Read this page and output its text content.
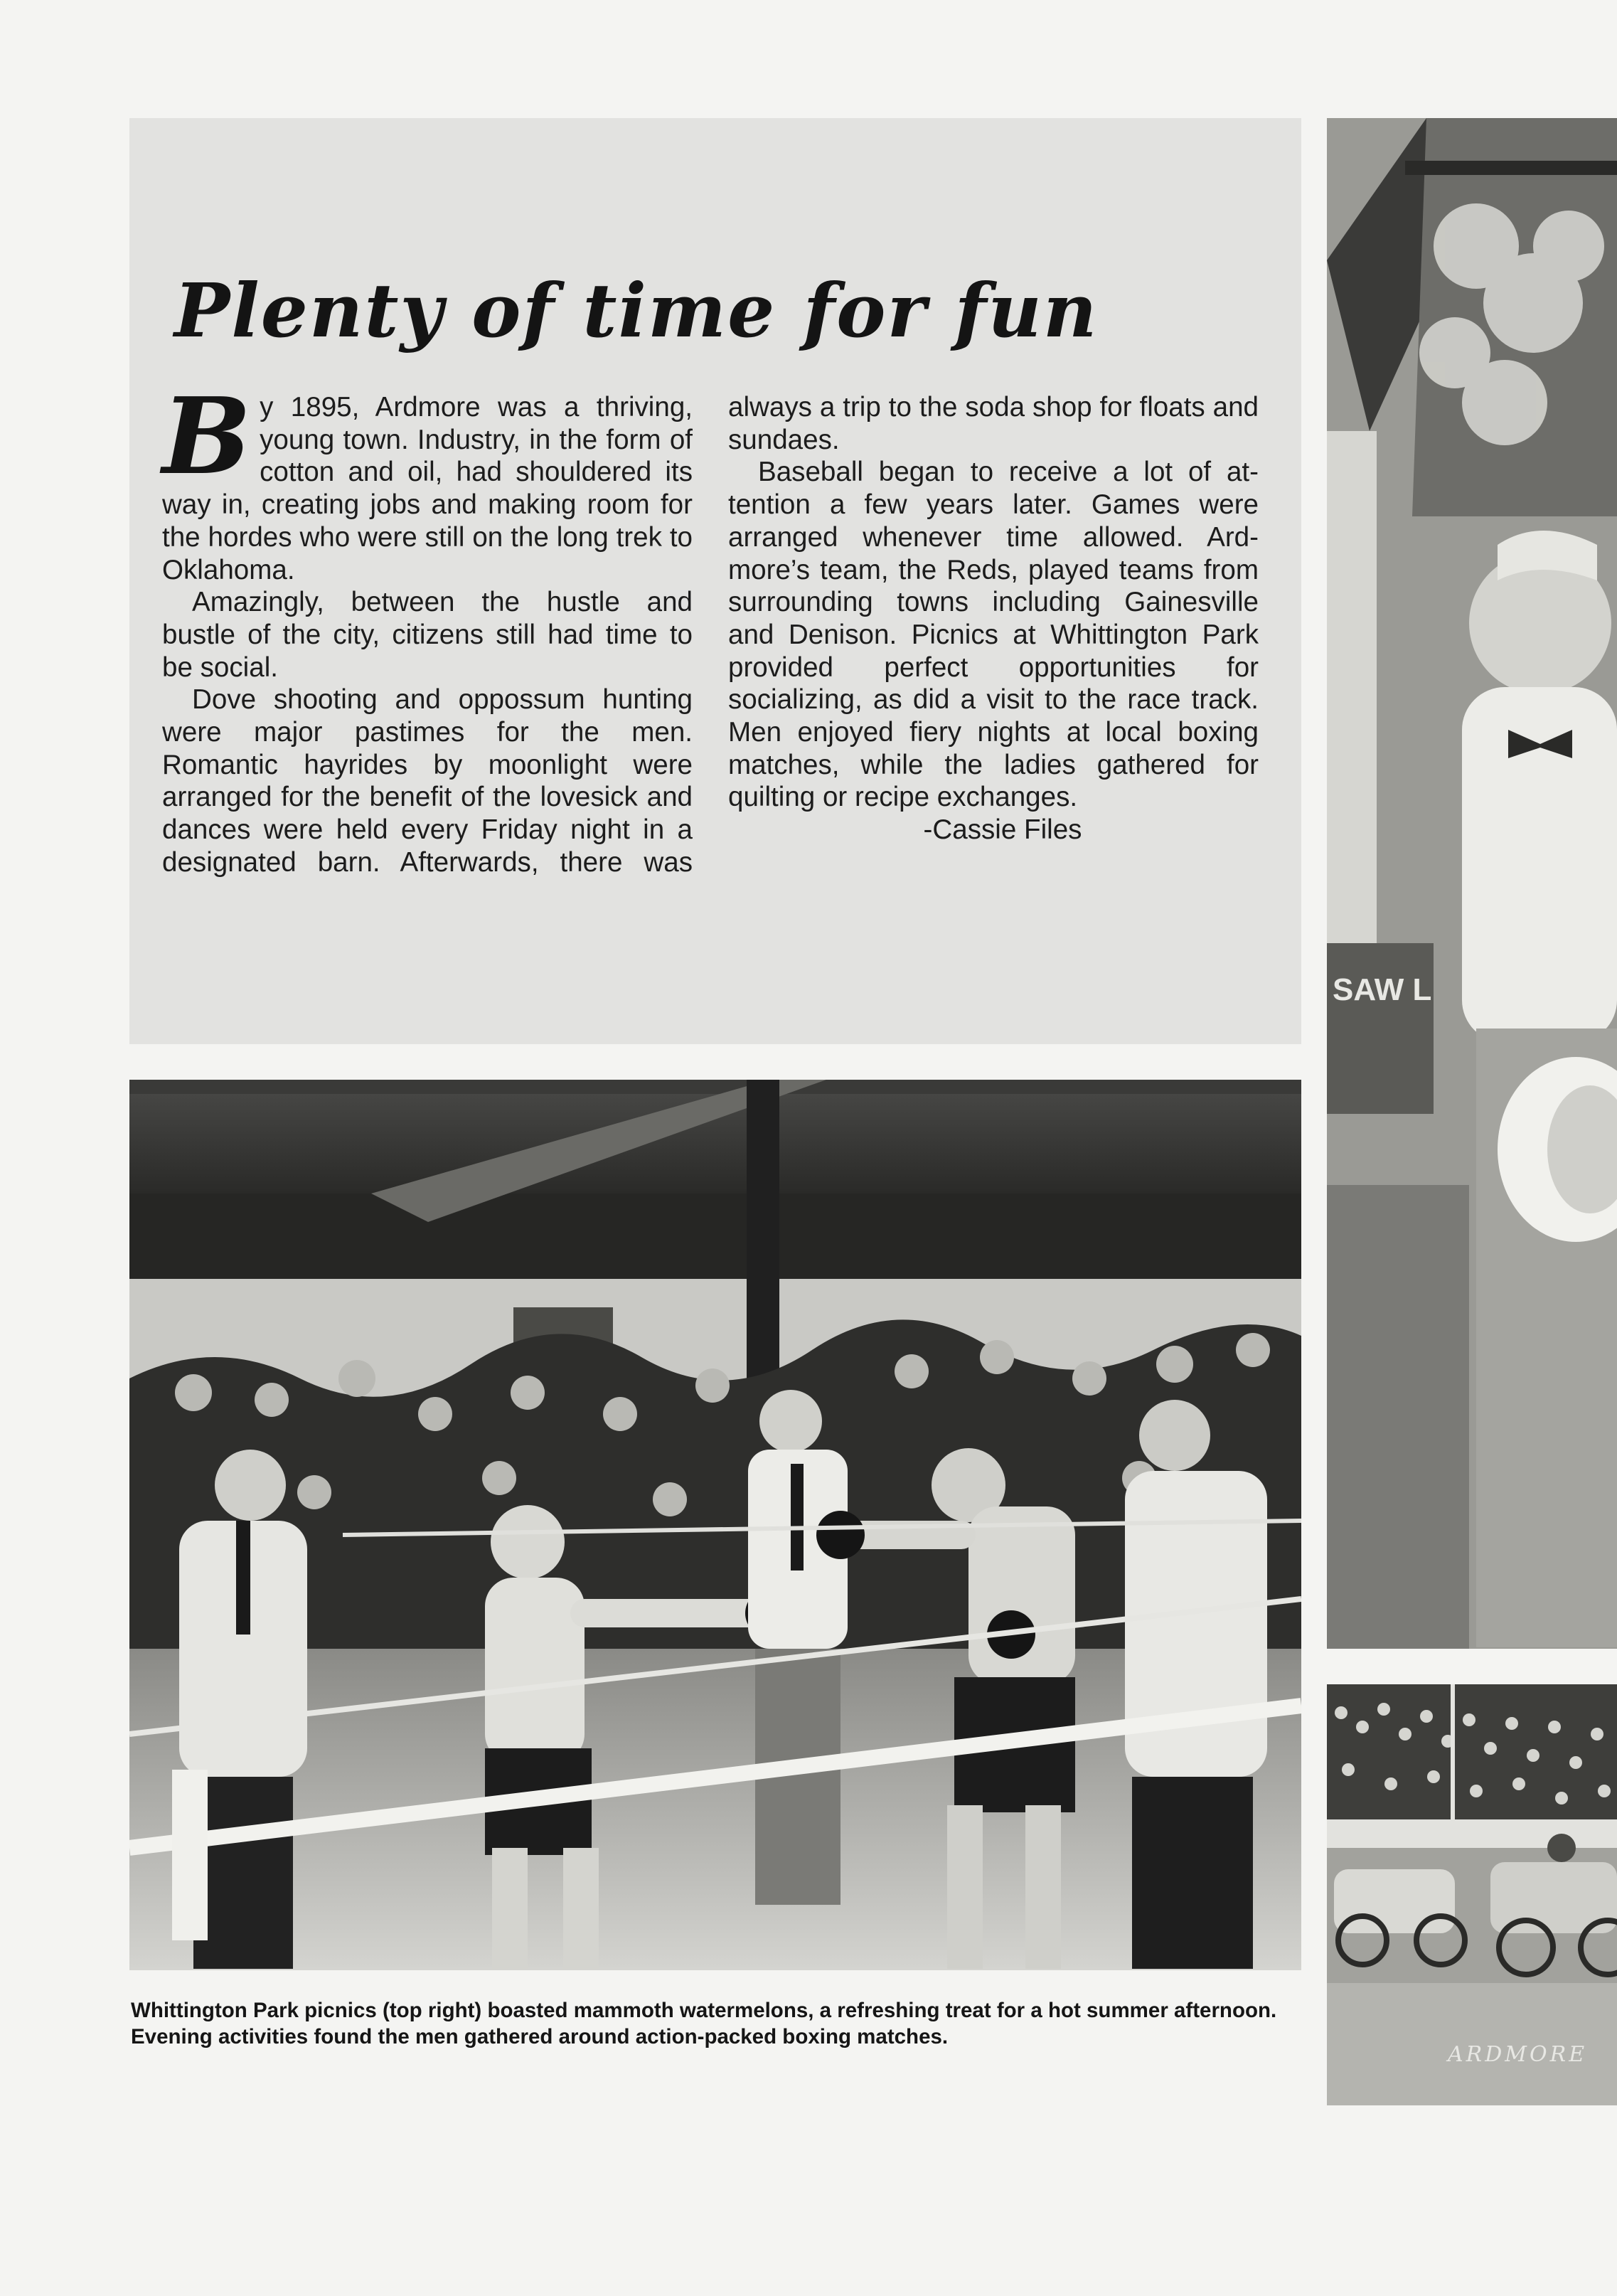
Plenty of time for fun

By 1895, Ardmore was a thriving, young town. Industry, in the form of cotton and oil, had shouldered its way in, creating jobs and making room for the hordes who were still on the long trek to Oklahoma.

Amazingly, between the hustle and bustle of the city, citizens still had time to be social.

Dove shooting and oppossum hunting were major pastimes for the men. Romantic hayrides by moonlight were arranged for the benefit of the lovesick and dances were held every Friday night in a designated barn. Afterwards, there was always a trip to the soda shop for floats and sundaes.

Baseball began to receive a lot of attention a few years later. Games were arranged whenever time allowed. Ardmore’s team, the Reds, played teams from surrounding towns including Gainesville and Denison. Picnics at Whittington Park provided perfect opportunities for socializing, as did a visit to the race track. Men enjoyed fiery nights at local boxing matches, while the ladies gathered for quilting or recipe exchanges.

-Cassie Files
SAW L
ARDMORE

Whittington Park picnics (top right) boasted mammoth watermelons, a refreshing treat for a hot summer afternoon. Evening activities found the men gathered around action-packed boxing matches.
